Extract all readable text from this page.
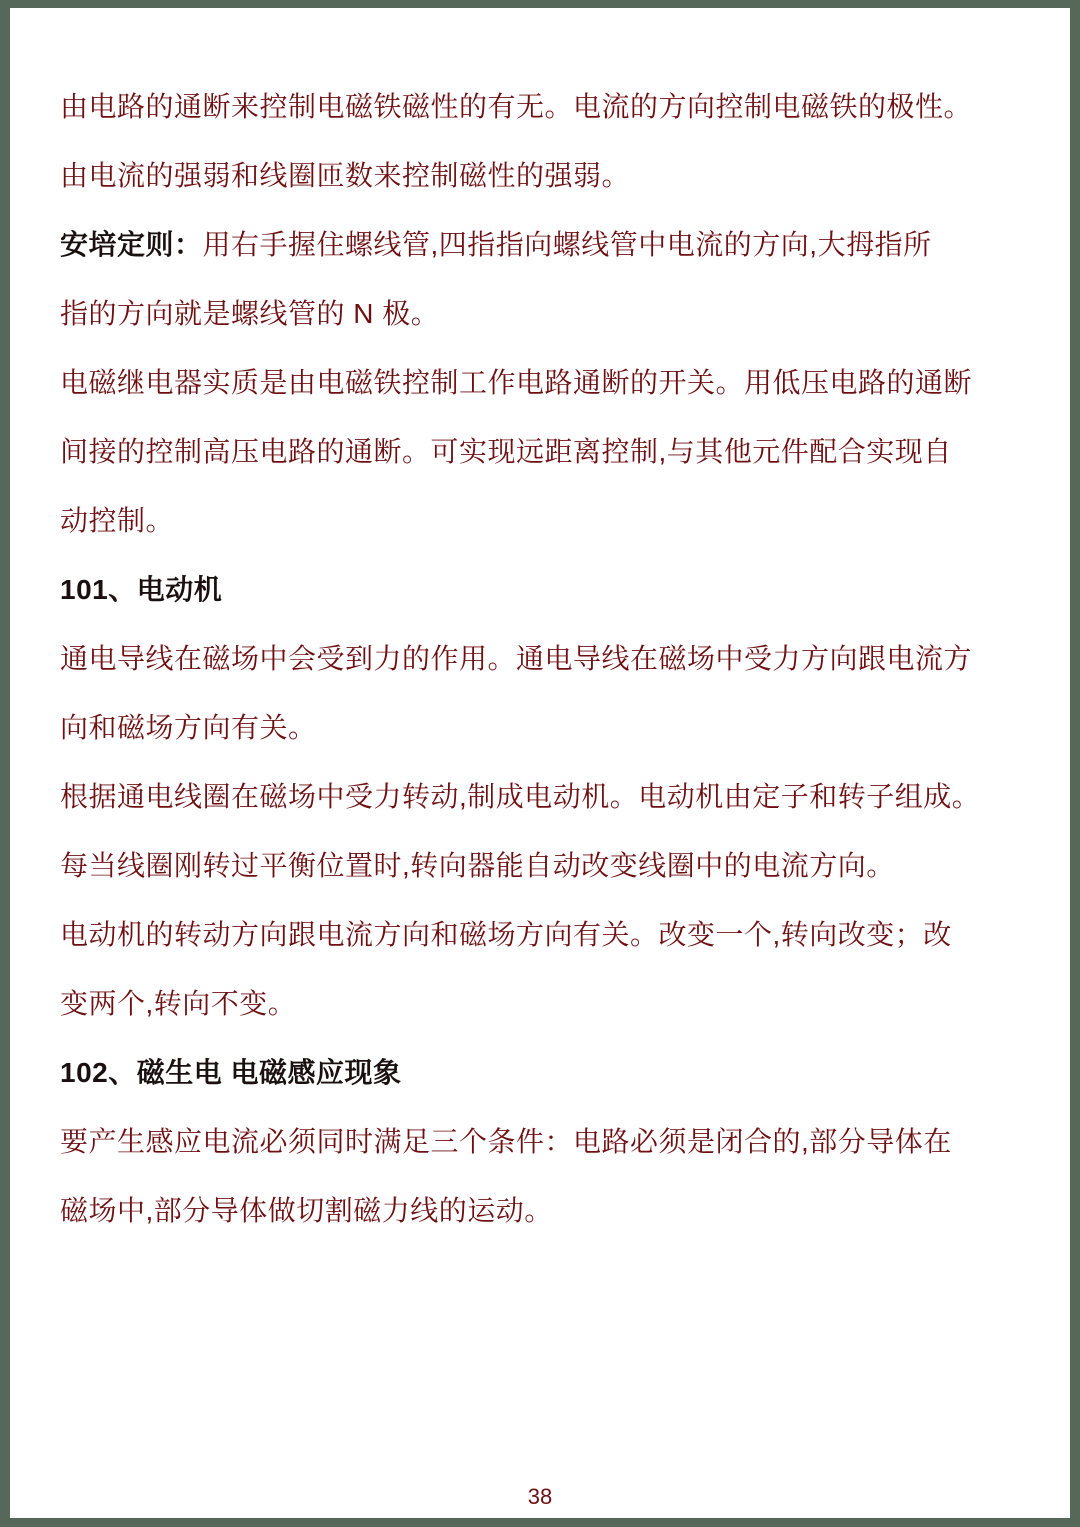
由电路的通断来控制电磁铁磁性的有无。电流的方向控制电磁铁的极性。
由电流的强弱和线圈匝数来控制磁性的强弱。
安培定则：用右手握住螺线管,四指指向螺线管中电流的方向,大拇指所
指的方向就是螺线管的 N 极。
电磁继电器实质是由电磁铁控制工作电路通断的开关。用低压电路的通断
间接的控制高压电路的通断。可实现远距离控制,与其他元件配合实现自
动控制。
101、电动机
通电导线在磁场中会受到力的作用。通电导线在磁场中受力方向跟电流方
向和磁场方向有关。
根据通电线圈在磁场中受力转动,制成电动机。电动机由定子和转子组成。
每当线圈刚转过平衡位置时,转向器能自动改变线圈中的电流方向。
电动机的转动方向跟电流方向和磁场方向有关。改变一个,转向改变；改
变两个,转向不变。
102、磁生电 电磁感应现象
要产生感应电流必须同时满足三个条件：电路必须是闭合的,部分导体在
磁场中,部分导体做切割磁力线的运动。
38
